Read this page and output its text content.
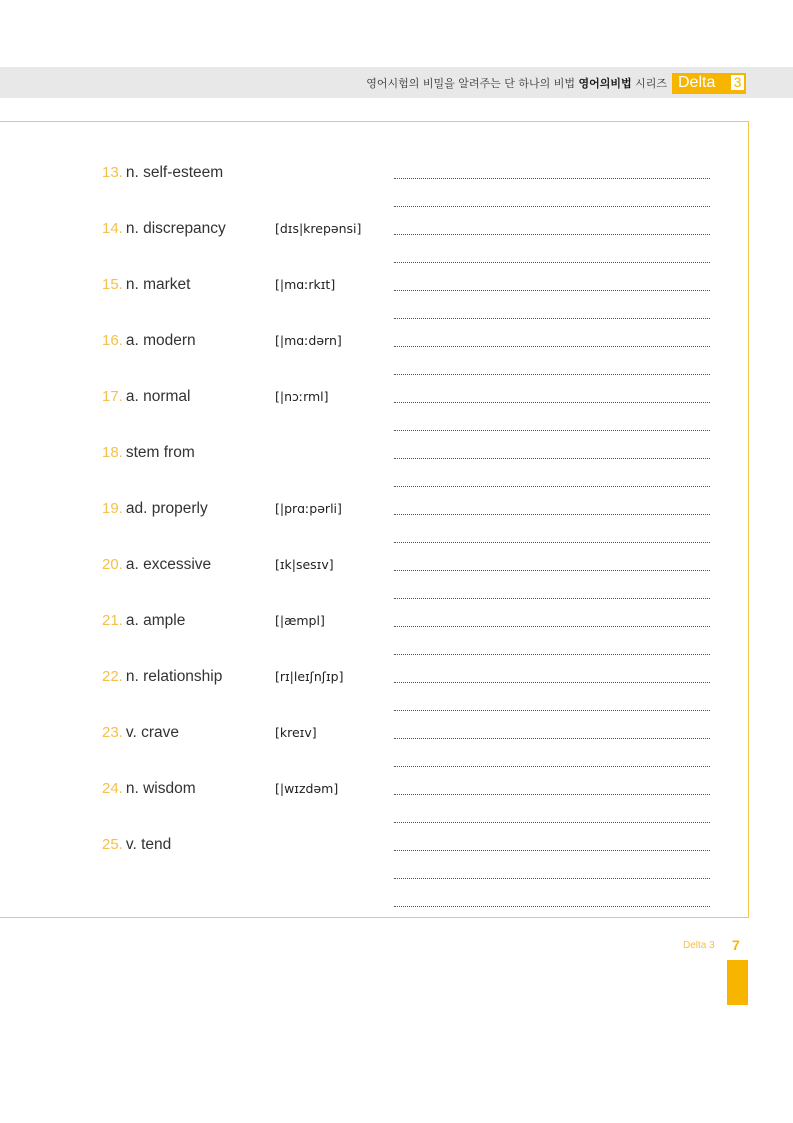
영어시험의 비밀을 알려주는 단 하나의 비법 영어의비법 시리즈 Delta 3
13. n. self-esteem
14. n. discrepancy	[dɪs|krepənsi]
15. n. market	[|mɑːrkɪt]
16. a. modern	[|mɑːdərn]
17. a. normal	[|nɔːrml]
18. stem from
19. ad. properly	[|prɑːpərli]
20. a. excessive	[ɪk|sesɪv]
21. a. ample	[|æmpl]
22. n. relationship	[rɪ|leɪʃnʃɪp]
23. v. crave	[kreɪv]
24. n. wisdom	[|wɪzdəm]
25. v. tend
Delta 3 7
